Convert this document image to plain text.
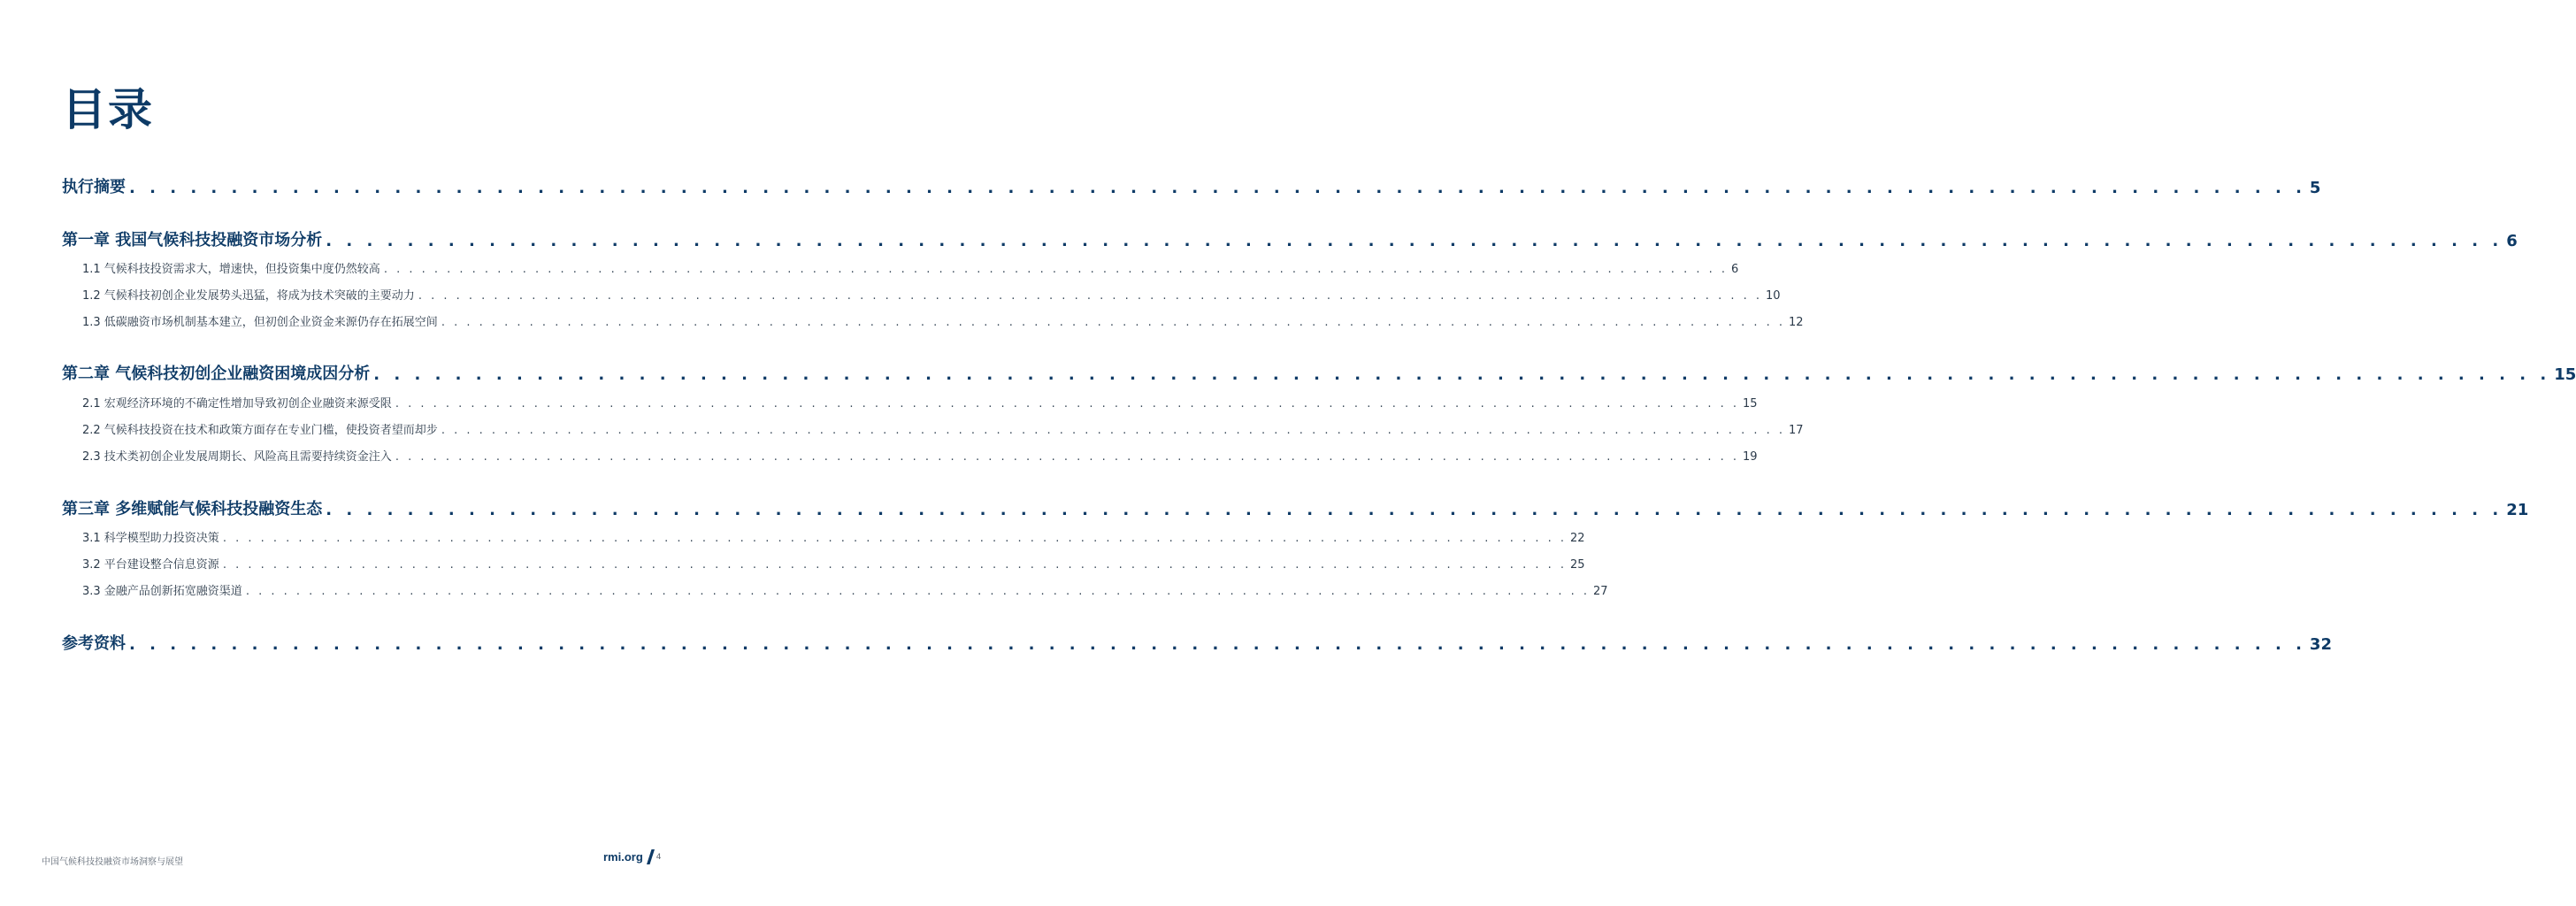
目录
执行摘要 . . . . . . . . . . . . . . . . . . . . . . . . . . . . . . . . . . . . . . . . . . . . . . . . . . . . . . . . . . . . . . . . . . . . . . . . . . . . . . . . . . . . . . . . . . . . . . . . . . . . . . . . . . . 5
第一章 我国气候科技投融资市场分析 . . . . . . . . . . . . . . . . . . . . . . . . . . . . . . . . . . . . . . . . . . . . . . . . . . . . . . . . . . . . . . . . . . . . . . . . . . . . . . . . . . . . . . . . . . . . . . . . . . . . . . . . . . . 6
1.1 气候科技投资需求大，增速快，但投资集中度仍然较高 . . . . . . . . . . . . . . . . . . . . . . . . . . . . . . . . . . . . . . . . . . . . . . . . . . . . . . . . . . . . . . . . . . . . . . . . . . . . . . . . . . . . . . . . . . . . . . . . . . . . . . . . . . . 6
1.2 气候科技初创企业发展势头迅猛，将成为技术突破的主要动力 . . . . . . . . . . . . . . . . . . . . . . . . . . . . . . . . . . . . . . . . . . . . . . . . . . . . . . . . . . . . . . . . . . . . . . . . . . . . . . . . . . . . . . . . . . . . . . . . . . . . . . . . . . . 10
1.3 低碳融资市场机制基本建立，但初创企业资金来源仍存在拓展空间 . . . . . . . . . . . . . . . . . . . . . . . . . . . . . . . . . . . . . . . . . . . . . . . . . . . . . . . . . . . . . . . . . . . . . . . . . . . . . . . . . . . . . . . . . . . . . . . . . . . . . . . . . . . 12
第二章 气候科技初创企业融资困境成因分析 . . . . . . . . . . . . . . . . . . . . . . . . . . . . . . . . . . . . . . . . . . . . . . . . . . . . . . . . . . . . . . . . . . . . . . . . . . . . . . . . . . . . . . . . . . . . . . . . . . . . . . . . . . . 15
2.1 宏观经济环境的不确定性增加导致初创企业融资来源受限 . . . . . . . . . . . . . . . . . . . . . . . . . . . . . . . . . . . . . . . . . . . . . . . . . . . . . . . . . . . . . . . . . . . . . . . . . . . . . . . . . . . . . . . . . . . . . . . . . . . . . . . . . . . 15
2.2 气候科技投资在技术和政策方面存在专业门槛，使投资者望而却步 . . . . . . . . . . . . . . . . . . . . . . . . . . . . . . . . . . . . . . . . . . . . . . . . . . . . . . . . . . . . . . . . . . . . . . . . . . . . . . . . . . . . . . . . . . . . . . . . . . . . . . . . . . . 17
2.3 技术类初创企业发展周期长、风险高且需要持续资金注入 . . . . . . . . . . . . . . . . . . . . . . . . . . . . . . . . . . . . . . . . . . . . . . . . . . . . . . . . . . . . . . . . . . . . . . . . . . . . . . . . . . . . . . . . . . . . . . . . . . . . . . . . . . . 19
第三章 多维赋能气候科技投融资生态 . . . . . . . . . . . . . . . . . . . . . . . . . . . . . . . . . . . . . . . . . . . . . . . . . . . . . . . . . . . . . . . . . . . . . . . . . . . . . . . . . . . . . . . . . . . . . . . . . . . . . . . . . . . 21
3.1 科学模型助力投资决策 . . . . . . . . . . . . . . . . . . . . . . . . . . . . . . . . . . . . . . . . . . . . . . . . . . . . . . . . . . . . . . . . . . . . . . . . . . . . . . . . . . . . . . . . . . . . . . . . . . . . . . . . . . . 22
3.2 平台建设整合信息资源 . . . . . . . . . . . . . . . . . . . . . . . . . . . . . . . . . . . . . . . . . . . . . . . . . . . . . . . . . . . . . . . . . . . . . . . . . . . . . . . . . . . . . . . . . . . . . . . . . . . . . . . . . . . 25
3.3 金融产品创新拓宽融资渠道 . . . . . . . . . . . . . . . . . . . . . . . . . . . . . . . . . . . . . . . . . . . . . . . . . . . . . . . . . . . . . . . . . . . . . . . . . . . . . . . . . . . . . . . . . . . . . . . . . . . . . . . . . . . 27
参考资料 . . . . . . . . . . . . . . . . . . . . . . . . . . . . . . . . . . . . . . . . . . . . . . . . . . . . . . . . . . . . . . . . . . . . . . . . . . . . . . . . . . . . . . . . . . . . . . . . . . . . . . . . . . . 32
中国气候科技投融资市场洞察与展望	rmi.org 4
